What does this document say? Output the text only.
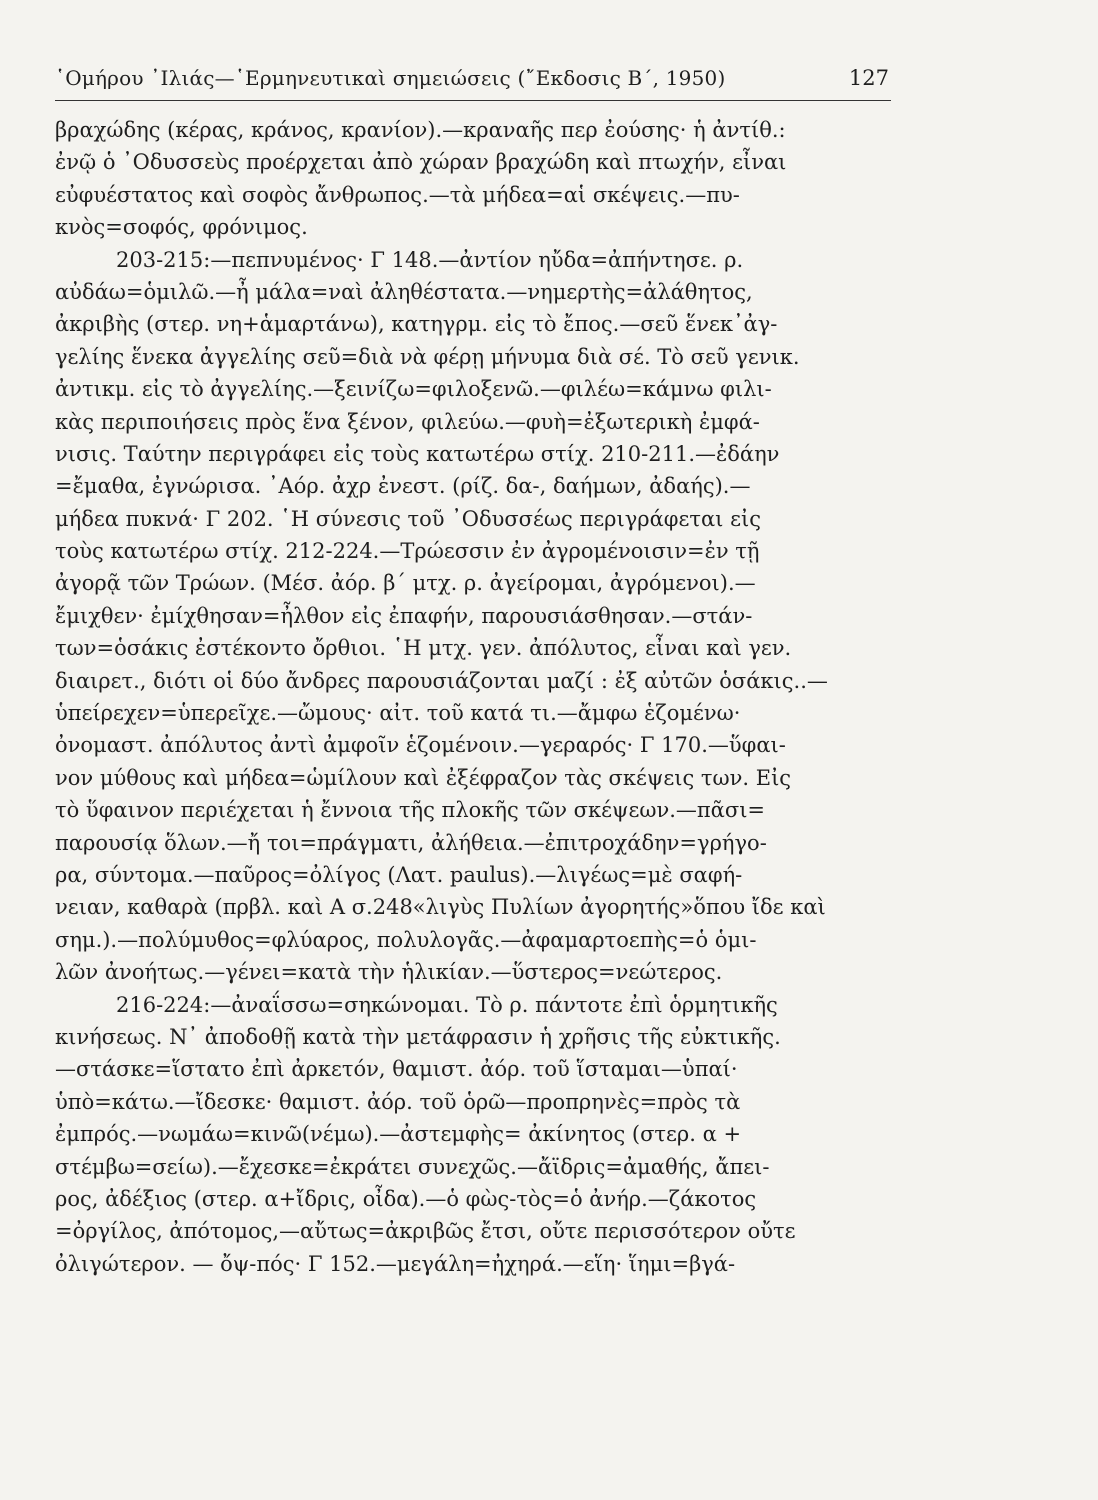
῾Ομήρου ᾽Ιλιάς—῾Ερμηνευτικαὶ σημειώσεις (῎Εκδοσις Β΄, 1950)	127
βραχώδης (κέρας, κράνος, κρανίον).—κραναῆς περ ἐούσης· ἡ ἀντίθ.:
ἐνῷ ὁ ᾽Οδυσσεὺς προέρχεται ἀπὸ χώραν βραχώδη καὶ πτωχήν, εἶναι
εὐφυέστατος καὶ σοφὸς ἄνθρωπος.—τὰ μήδεα=αἱ σκέψεις.—πυ-
κνὸς=σοφός, φρόνιμος.
203-215:—πεπνυμένος· Γ 148.—ἀντίον ηὔδα=ἀπήντησε. ρ.
αὐδάω=ὁμιλῶ.—ἦ μάλα=ναὶ ἀληθέστατα.—νημερτὴς=ἀλάθητος,
ἀκριβὴς (στερ. νη+ἁμαρτάνω), κατηγρμ. εἰς τὸ ἔπος.—σεῦ ἕνεκ᾽ἀγ-
γελίης ἕνεκα ἀγγελίης σεῦ=διὰ νὰ φέρῃ μήνυμα διὰ σέ. Τὸ σεῦ γενικ.
ἀντικμ. εἰς τὸ ἀγγελίης.—ξεινίζω=φιλοξενῶ.—φιλέω=κάμνω φιλι-
κὰς περιποιήσεις πρὸς ἕνα ξένον, φιλεύω.—φυὴ=ἐξωτερικὴ ἐμφά-
νισις. Ταύτην περιγράφει εἰς τοὺς κατωτέρω στίχ. 210-211.—ἐδάην
=ἔμαθα, ἐγνώρισα. ᾽Αόρ. ἀχρ ἐνεστ. (ρίζ. δα-, δαήμων, ἀδαής).—
μήδεα πυκνά· Γ 202. ῾Η σύνεσις τοῦ ᾽Οδυσσέως περιγράφεται εἰς
τοὺς κατωτέρω στίχ. 212-224.—Τρώεσσιν ἐν ἀγρομένοισιν=ἐν τῇ
ἀγορᾷ τῶν Τρώων. (Μέσ. ἀόρ. β΄ μτχ. ρ. ἀγείρομαι, ἀγρόμενοι).—
ἔμιχθεν· ἐμίχθησαν=ἦλθον εἰς ἐπαφήν, παρουσιάσθησαν.—στάν-
των=ὁσάκις ἐστέκοντο ὄρθιοι. ῾Η μτχ. γεν. ἀπόλυτος, εἶναι καὶ γεν.
διαιρετ., διότι οἱ δύο ἄνδρες παρουσιάζονται μαζί : ἐξ αὐτῶν ὁσάκις..—
ὑπείρεχεν=ὑπερεῖχε.—ὤμους· αἰτ. τοῦ κατά τι.—ἄμφω ἑζομένω·
ὀνομαστ. ἀπόλυτος ἀντὶ ἀμφοῖν ἑζομένοιν.—γεραρός· Γ 170.—ὕφαι-
νον μύθους καὶ μήδεα=ὡμίλουν καὶ ἐξέφραζον τὰς σκέψεις των. Εἰς
τὸ ὕφαινον περιέχεται ἡ ἔννοια τῆς πλοκῆς τῶν σκέψεων.—πᾶσι=
παρουσίᾳ ὅλων.—ἤ τοι=πράγματι, ἀλήθεια.—ἐπιτροχάδην=γρήγο-
ρα, σύντομα.—παῦρος=ὀλίγος (Λατ. paulus).—λιγέως=μὲ σαφή-
νειαν, καθαρὰ (πρβλ. καὶ Α σ.248«λιγὺς Πυλίων ἀγορητής»ὅπου ἴδε καὶ
σημ.).—πολύμυθος=φλύαρος, πολυλογᾶς.—ἀφαμαρτοεπὴς=ὁ ὁμι-
λῶν ἀνοήτως.—γένει=κατὰ τὴν ἡλικίαν.—ὕστερος=νεώτερος.
216-224:—ἀναΐσσω=σηκώνομαι. Τὸ ρ. πάντοτε ἐπὶ ὁρμητικῆς
κινήσεως. Ν᾽ ἀποδοθῇ κατὰ τὴν μετάφρασιν ἡ χρῆσις τῆς εὐκτικῆς.
—στάσκε=ἵστατο ἐπὶ ἀρκετόν, θαμιστ. ἀόρ. τοῦ ἵσταμαι—ὑπαί·
ὑπὸ=κάτω.—ἴδεσκε· θαμιστ. ἀόρ. τοῦ ὁρῶ—προπρηνὲς=πρὸς τὰ
ἐμπρός.—νωμάω=κινῶ(νέμω).—ἀστεμφὴς= ἀκίνητος (στερ. α +
στέμβω=σείω).—ἔχεσκε=ἐκράτει συνεχῶς.—ἄϊδρις=ἀμαθής, ἄπει-
ρος, ἀδέξιος (στερ. α+ἴδρις, οἶδα).—ὁ φὼς-τὸς=ὁ ἀνήρ.—ζάκοτος
=ὀργίλος, ἀπότομος,—αὔτως=ἀκριβῶς ἔτσι, οὔτε περισσότερον οὔτε
ὀλιγώτερον. — ὄψ-πός· Γ 152.—μεγάλη=ἠχηρά.—εἵη· ἵημι=βγά-
